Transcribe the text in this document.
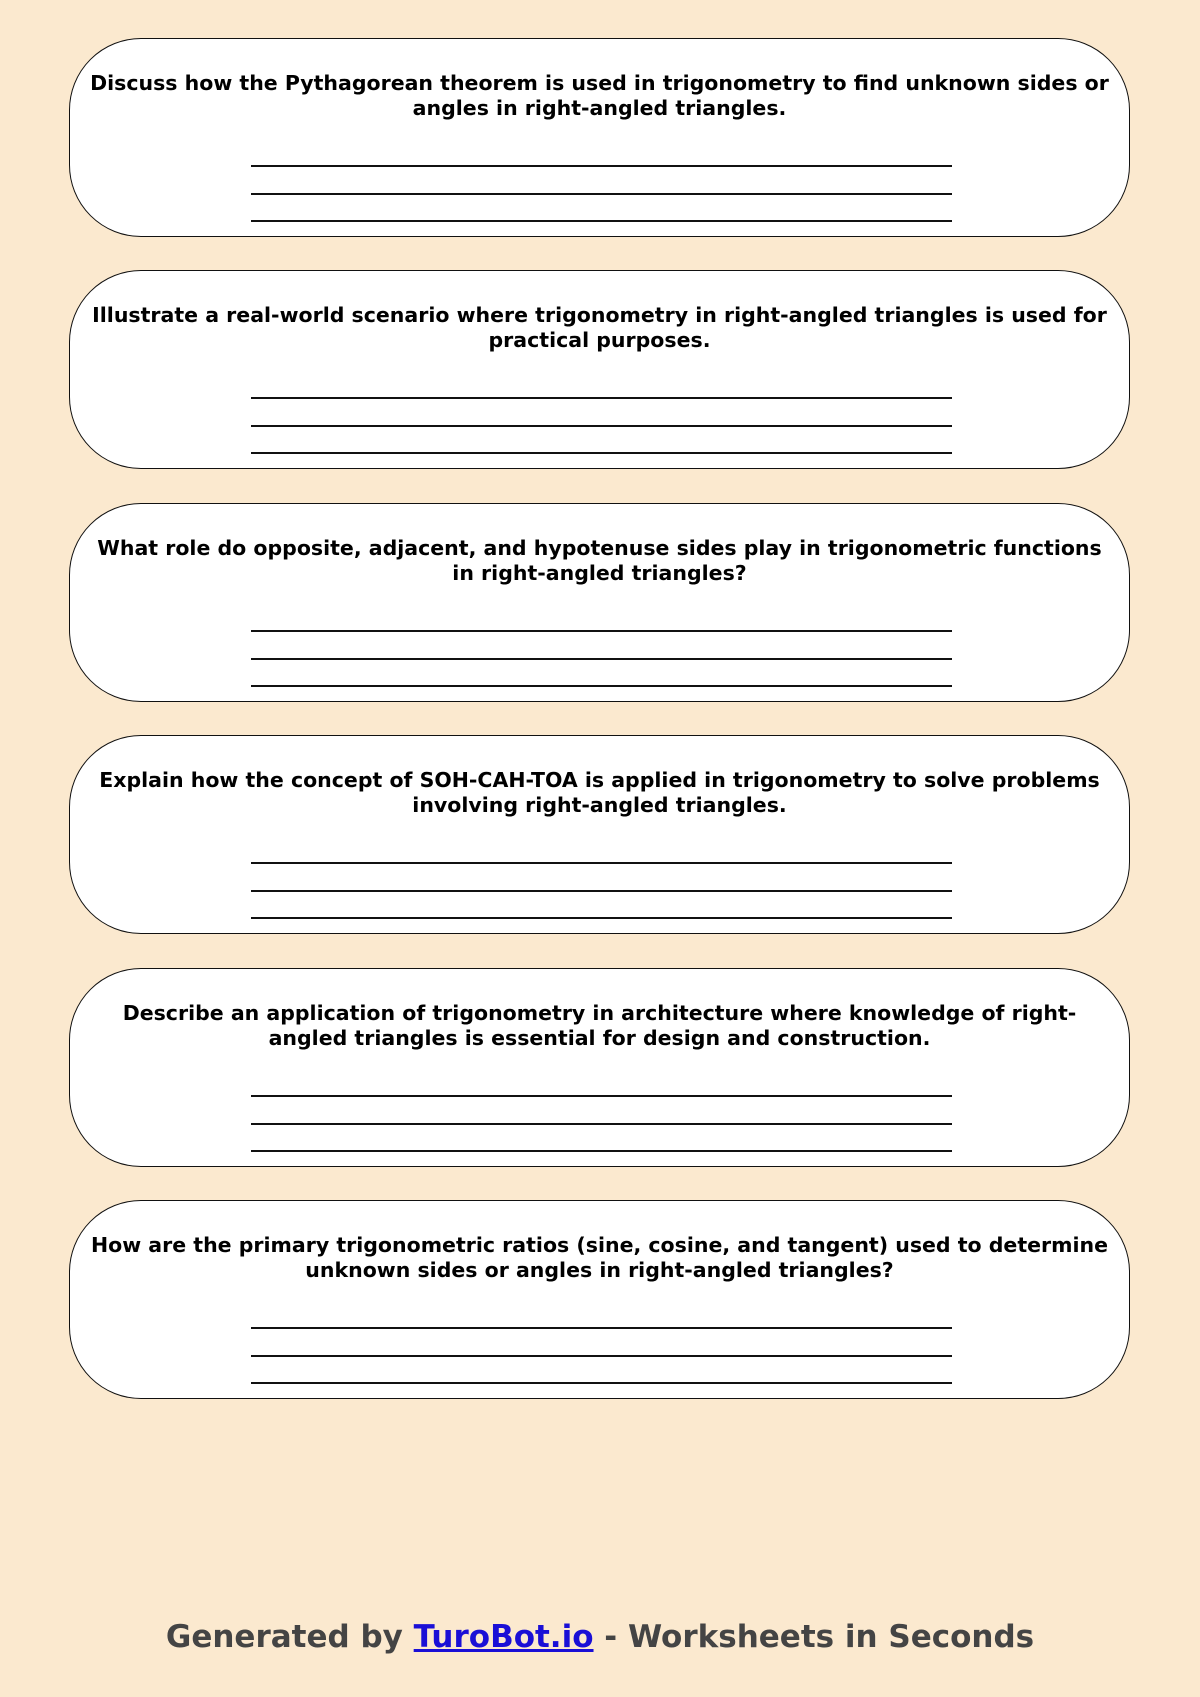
Discuss how the Pythagorean theorem is used in trigonometry to find unknown sides or angles in right-angled triangles.

Illustrate a real-world scenario where trigonometry in right-angled triangles is used for practical purposes.

What role do opposite, adjacent, and hypotenuse sides play in trigonometric functions in right-angled triangles?

Explain how the concept of SOH-CAH-TOA is applied in trigonometry to solve problems involving right-angled triangles.

Describe an application of trigonometry in architecture where knowledge of right-angled triangles is essential for design and construction.

How are the primary trigonometric ratios (sine, cosine, and tangent) used to determine unknown sides or angles in right-angled triangles?

Generated by TuroBot.io - Worksheets in Seconds
